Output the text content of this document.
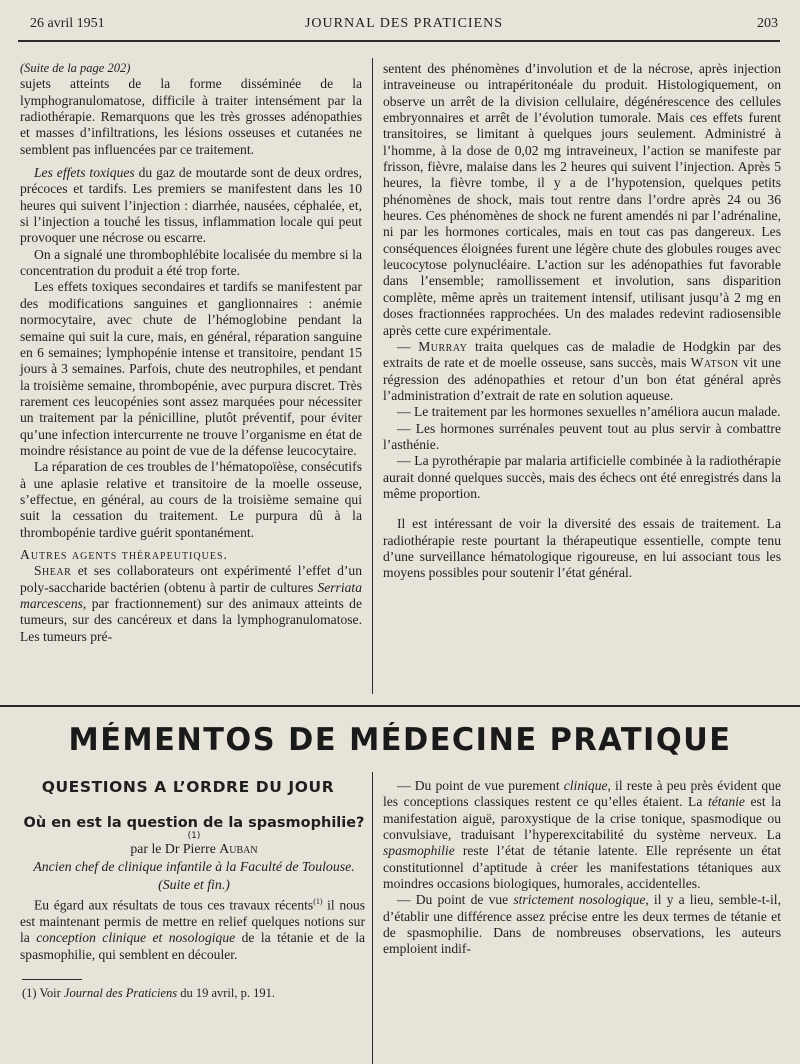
26 avril 1951	JOURNAL DES PRATICIENS	203

(Suite de la page 202)

sujets atteints de la forme disséminée de la lymphogranulomatose, difficile à traiter intensément par la radiothérapie. Remarquons que les très grosses adénopathies et masses d’infiltrations, les lésions osseuses et cutanées ne semblent pas influencées par ce traitement.

Les effets toxiques du gaz de moutarde sont de deux ordres, précoces et tardifs. Les premiers se manifestent dans les 10 heures qui suivent l’injection : diarrhée, nausées, céphalée, et, si l’injection a touché les tissus, inflammation locale qui peut provoquer une nécrose ou escarre.

On a signalé une thrombophlébite localisée du membre si la concentration du produit a été trop forte.

Les effets toxiques secondaires et tardifs se manifestent par des modifications sanguines et ganglionnaires : anémie normocytaire, avec chute de l’hémoglobine pendant la semaine qui suit la cure, mais, en général, réparation sanguine en 6 semaines; lymphopénie intense et transitoire, pendant 15 jours à 3 semaines. Parfois, chute des neutrophiles, et pendant la troisième semaine, thrombopénie, avec purpura discret. Très rarement ces leucopénies sont assez marquées pour nécessiter un traitement par la pénicilline, plutôt préventif, pour éviter qu’une infection intercurrente ne trouve l’organisme en état de moindre résistance au point de vue de la défense leucocytaire.

La réparation de ces troubles de l’hématopoïèse, consécutifs à une aplasie relative et transitoire de la moelle osseuse, s’effectue, en général, au cours de la troisième semaine qui suit la cessation du traitement. Le purpura dû à la thrombopénie tardive guérit spontanément.

Autres agents thérapeutiques.

Shear et ses collaborateurs ont expérimenté l’effet d’un poly-saccharide bactérien (obtenu à partir de cultures Serriata marcescens, par fractionnement) sur des animaux atteints de tumeurs, sur des cancéreux et dans la lymphogranulomatose. Les tumeurs pré-

sentent des phénomènes d’involution et de la nécrose, après injection intraveineuse ou intrapéritonéale du produit. Histologiquement, on observe un arrêt de la division cellulaire, dégénérescence des cellules embryonnaires et arrêt de l’évolution tumorale. Mais ces effets furent transitoires, se limitant à quelques jours seulement. Administré à l’homme, à la dose de 0,02 mg intraveineux, l’action se manifeste par frisson, fièvre, malaise dans les 2 heures qui suivent l’injection. Après 5 heures, la fièvre tombe, il y a de l’hypotension, quelques petits phénomènes de shock, mais tout rentre dans l’ordre après 24 ou 36 heures. Ces phénomènes de shock ne furent amendés ni par l’adrénaline, ni par les hormones corticales, mais en tout cas pas dangereux. Les conséquences éloignées furent une légère chute des globules rouges avec leucocytose polynucléaire. L’action sur les adénopathies fut favorable dans l’ensemble; ramollissement et involution, sans disparition complète, même après un traitement intensif, utilisant jusqu’à 2 mg en doses fractionnées rapprochées. Un des malades redevint radiosensible après cette cure expérimentale.

— Murray traita quelques cas de maladie de Hodgkin par des extraits de rate et de moelle osseuse, sans succès, mais Watson vit une régression des adénopathies et retour d’un bon état général après l’administration d’extrait de rate en solution aqueuse.

— Le traitement par les hormones sexuelles n’améliora aucun malade.

— Les hormones surrénales peuvent tout au plus servir à combattre l’asthénie.

— La pyrothérapie par malaria artificielle combinée à la radiothérapie aurait donné quelques succès, mais des échecs ont été enregistrés dans la même proportion.

Il est intéressant de voir la diversité des essais de traitement. La radiothérapie reste pourtant la thérapeutique essentielle, compte tenu d’une surveillance hématologique rigoureuse, en lui associant tous les moyens possibles pour soutenir l’état général.

MÉMENTOS DE MÉDECINE PRATIQUE
QUESTIONS A L’ORDRE DU JOUR
Où en est la question de la spasmophilie?$^{(1)}$
par le Dr Pierre Auban
Ancien chef de clinique infantile à la Faculté de Toulouse.
(Suite et fin.)

Eu égard aux résultats de tous ces travaux récents$^{(1)}$ il nous est maintenant permis de mettre en relief quelques notions sur la conception clinique et nosologique de la tétanie et de la spasmophilie, qui semblent en découler.

(1) Voir Journal des Praticiens du 19 avril, p. 191.

— Du point de vue purement clinique, il reste à peu près évident que les conceptions classiques restent ce qu’elles étaient. La tétanie est la manifestation aiguë, paroxystique de la crise tonique, spasmodique ou convulsiave, traduisant l’hyperexcitabilité du système nerveux. La spasmophilie reste l’état de tétanie latente. Elle représente un état constitutionnel d’aptitude à créer les manifestations tétaniques aux moindres occasions biologiques, humorales, accidentelles.

— Du point de vue strictement nosologique, il y a lieu, semble-t-il, d’établir une différence assez précise entre les deux termes de tétanie et de spasmophilie. Dans de nombreuses observations, les auteurs emploient indif-
